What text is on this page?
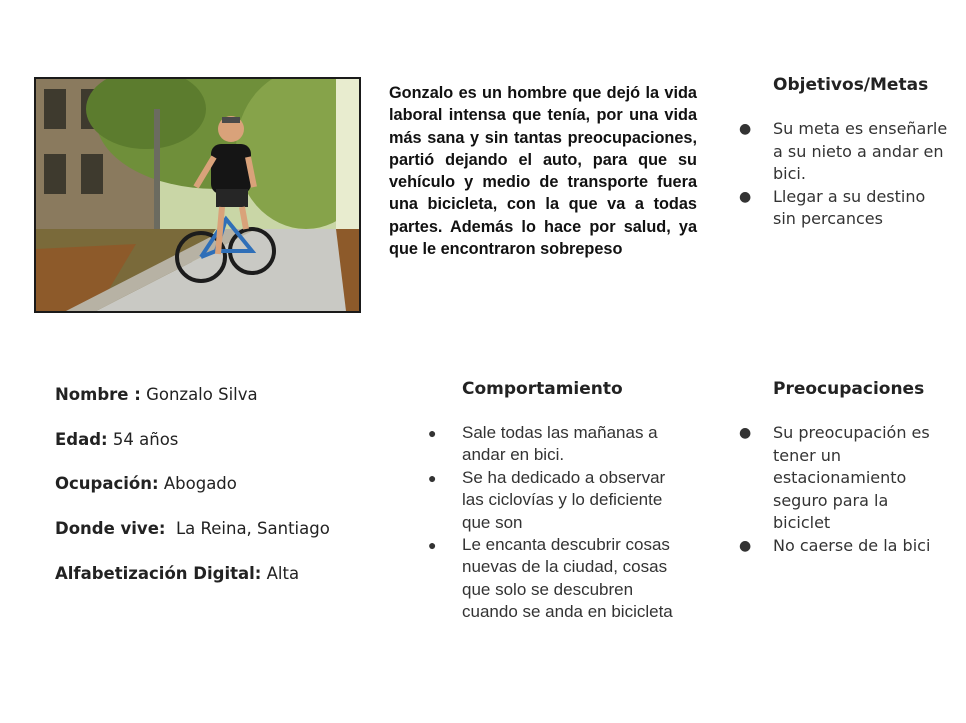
Gonzalo es un hombre que dejó la vida laboral intensa que tenía, por una vida más sana y sin tantas preocupaciones, partió dejando el auto, para que su vehículo y medio de transporte fuera una bicicleta, con la que va a todas partes. Además lo hace por salud, ya que le encontraron sobrepeso

Objetivos/Metas
● Su meta es enseñarle a su nieto a andar en bici.
● Llegar a su destino sin percances
Nombre : Gonzalo Silva
Edad: 54 años
Ocupación: Abogado
Donde vive:  La Reina, Santiago
Alfabetización Digital: Alta
Comportamiento
● Sale todas las mañanas a andar en bici.
● Se ha dedicado a observar las ciclovías y lo deficiente que son
● Le encanta descubrir cosas nuevas de la ciudad, cosas que solo se descubren cuando se anda en bicicleta
Preocupaciones
● Su preocupación es tener un estacionamiento seguro para la biciclet
● No caerse de la bici
